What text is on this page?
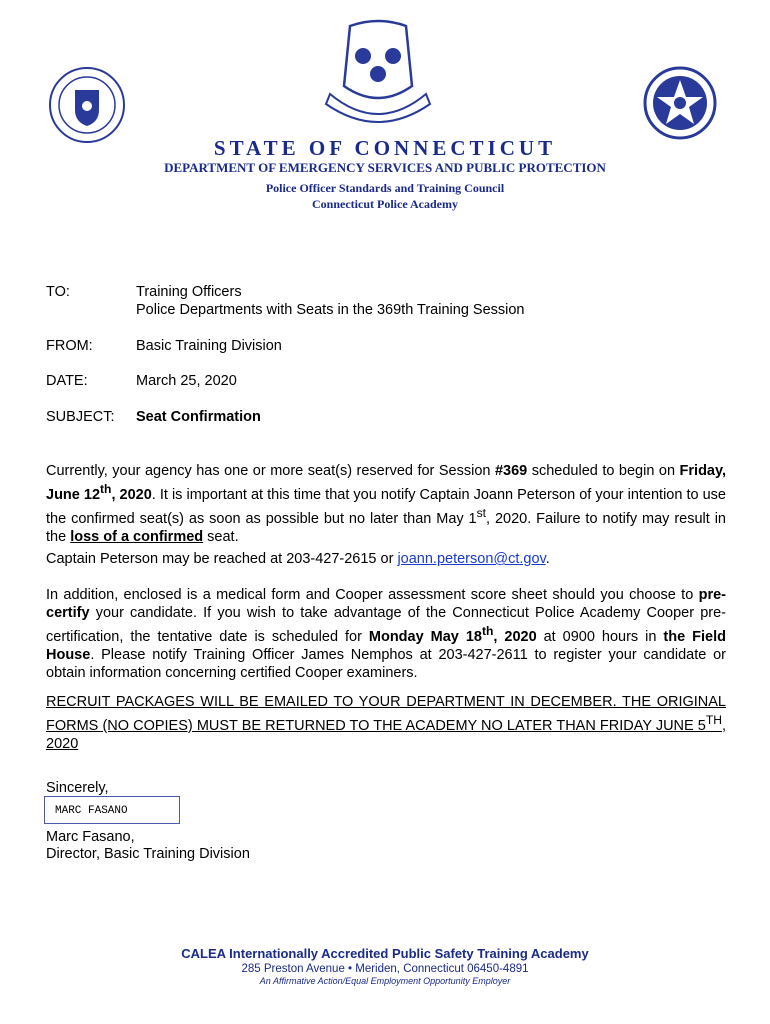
STATE OF CONNECTICUT
DEPARTMENT OF EMERGENCY SERVICES AND PUBLIC PROTECTION
Police Officer Standards and Training Council
Connecticut Police Academy
TO:	Training Officers
Police Departments with Seats in the 369th Training Session
FROM:	Basic Training Division
DATE:	March 25, 2020
SUBJECT: Seat Confirmation
Currently, your agency has one or more seat(s) reserved for Session #369 scheduled to begin on Friday, June 12th, 2020. It is important at this time that you notify Captain Joann Peterson of your intention to use the confirmed seat(s) as soon as possible but no later than May 1st, 2020. Failure to notify may result in the loss of a confirmed seat.
Captain Peterson may be reached at 203-427-2615 or joann.peterson@ct.gov.
In addition, enclosed is a medical form and Cooper assessment score sheet should you choose to pre-certify your candidate. If you wish to take advantage of the Connecticut Police Academy Cooper pre-certification, the tentative date is scheduled for Monday May 18th, 2020 at 0900 hours in the Field House. Please notify Training Officer James Nemphos at 203-427-2611 to register your candidate or obtain information concerning certified Cooper examiners.
RECRUIT PACKAGES WILL BE EMAILED TO YOUR DEPARTMENT IN DECEMBER. THE ORIGINAL FORMS (NO COPIES) MUST BE RETURNED TO THE ACADEMY NO LATER THAN FRIDAY JUNE 5TH, 2020
Sincerely,
MARC FASANO
Marc Fasano,
Director, Basic Training Division
CALEA Internationally Accredited Public Safety Training Academy
285 Preston Avenue • Meriden, Connecticut 06450-4891
An Affirmative Action/Equal Employment Opportunity Employer
